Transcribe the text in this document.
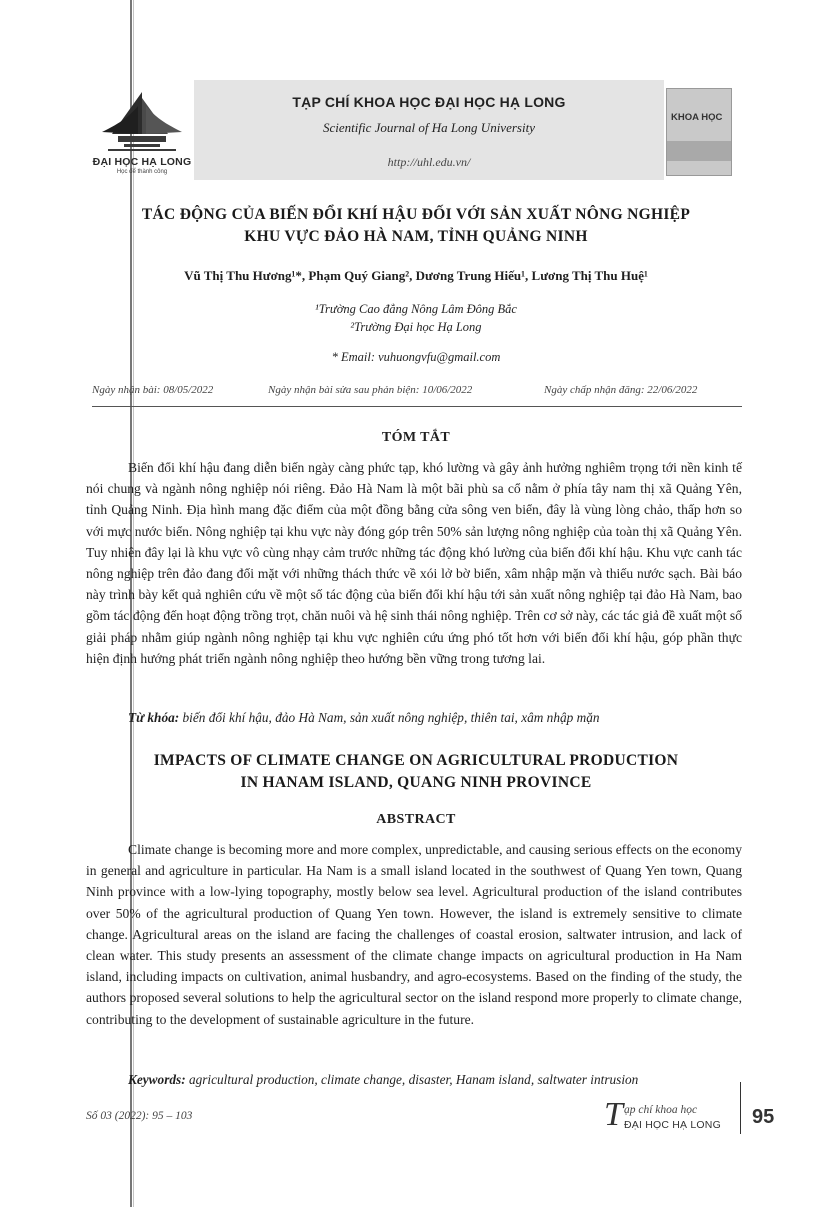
ĐẠI HỌC HẠ LONG
Học để thành công
TẠP CHÍ KHOA HỌC ĐẠI HỌC HẠ LONG
Scientific Journal of Ha Long University
http://uhl.edu.vn/
KHOA HỌC
TÁC ĐỘNG CỦA BIẾN ĐỔI KHÍ HẬU ĐỐI VỚI SẢN XUẤT NÔNG NGHIỆP
KHU VỰC ĐẢO HÀ NAM, TỈNH QUẢNG NINH
Vũ Thị Thu Hương¹*, Phạm Quý Giang², Dương Trung Hiếu¹, Lương Thị Thu Huệ¹
¹Trường Cao đẳng Nông Lâm Đông Bắc
²Trường Đại học Hạ Long
* Email: vuhuongvfu@gmail.com
Ngày nhận bài: 08/05/2022	Ngày nhận bài sửa sau phản biện: 10/06/2022	Ngày chấp nhận đăng: 22/06/2022
TÓM TẮT

Biến đổi khí hậu đang diễn biến ngày càng phức tạp, khó lường và gây ảnh hưởng nghiêm trọng tới nền kinh tế nói chung và ngành nông nghiệp nói riêng. Đảo Hà Nam là một bãi phù sa cổ nằm ở phía tây nam thị xã Quảng Yên, tỉnh Quảng Ninh. Địa hình mang đặc điểm của một đồng bằng cửa sông ven biển, đây là vùng lòng chảo, thấp hơn so với mực nước biển. Nông nghiệp tại khu vực này đóng góp trên 50% sản lượng nông nghiệp của toàn thị xã Quảng Yên. Tuy nhiên đây lại là khu vực vô cùng nhạy cảm trước những tác động khó lường của biến đổi khí hậu. Khu vực canh tác nông nghiệp trên đảo đang đối mặt với những thách thức về xói lở bờ biển, xâm nhập mặn và thiếu nước sạch. Bài báo này trình bày kết quả nghiên cứu về một số tác động của biến đổi khí hậu tới sản xuất nông nghiệp tại đảo Hà Nam, bao gồm tác động đến hoạt động trồng trọt, chăn nuôi và hệ sinh thái nông nghiệp. Trên cơ sở này, các tác giả đề xuất một số giải pháp nhằm giúp ngành nông nghiệp tại khu vực nghiên cứu ứng phó tốt hơn với biến đổi khí hậu, góp phần thực hiện định hướng phát triển ngành nông nghiệp theo hướng bền vững trong tương lai.

Từ khóa: biến đổi khí hậu, đảo Hà Nam, sản xuất nông nghiệp, thiên tai, xâm nhập mặn
IMPACTS OF CLIMATE CHANGE ON AGRICULTURAL PRODUCTION
IN HANAM ISLAND, QUANG NINH PROVINCE
ABSTRACT

Climate change is becoming more and more complex, unpredictable, and causing serious effects on the economy in general and agriculture in particular. Ha Nam is a small island located in the southwest of Quang Yen town, Quang Ninh province with a low-lying topography, mostly below sea level. Agricultural production of the island contributes over 50% of the agricultural production of Quang Yen town. However, the island is extremely sensitive to climate change. Agricultural areas on the island are facing the challenges of coastal erosion, saltwater intrusion, and lack of clean water. This study presents an assessment of the climate change impacts on agricultural production in Ha Nam island, including impacts on cultivation, animal husbandry, and agro-ecosystems. Based on the finding of the study, the authors proposed several solutions to help the agricultural sector on the island respond more properly to climate change, contributing to the development of sustainable agriculture in the future.

Keywords: agricultural production, climate change, disaster, Hanam island, saltwater intrusion
Số 03 (2022): 95 – 103	T ạp chí khoa học
ĐẠI HỌC HẠ LONG 95
